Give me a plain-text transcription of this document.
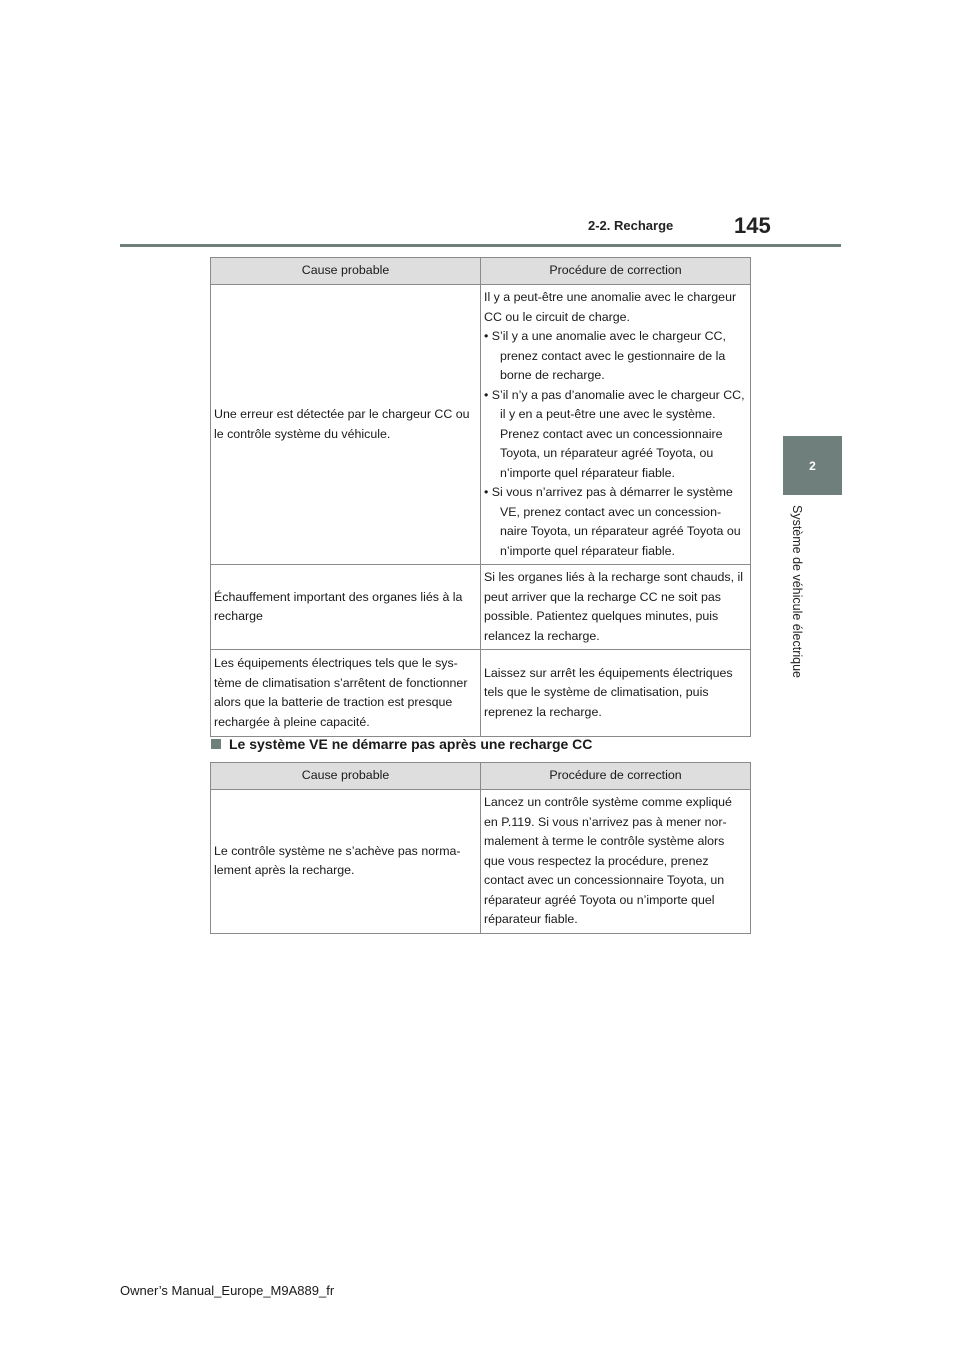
2-2. Recharge	145
2
Système de véhicule électrique
Cause probable	Procédure de correction
Une erreur est détectée par le chargeur CC ou le contrôle système du véhicule.	Il y a peut-être une anomalie avec le chargeur CC ou le circuit de charge.
• S’il y a une anomalie avec le chargeur CC, prenez contact avec le gestionnaire de la borne de recharge.
• S’il n’y a pas d’anomalie avec le chargeur CC, il y en a peut-être une avec le système. Prenez contact avec un concessionnaire Toyota, un réparateur agréé Toyota, ou n’importe quel réparateur fiable.
• Si vous n’arrivez pas à démarrer le système VE, prenez contact avec un concession-naire Toyota, un réparateur agréé Toyota ou n’importe quel réparateur fiable.

Échauffement important des organes liés à la recharge	Si les organes liés à la recharge sont chauds, il peut arriver que la recharge CC ne soit pas possible. Patientez quelques minutes, puis relancez la recharge.
Les équipements électriques tels que le sys-tème de climatisation s’arrêtent de fonctionner alors que la batterie de traction est presque rechargée à pleine capacité.	Laissez sur arrêt les équipements électriques tels que le système de climatisation, puis reprenez la recharge.
Le système VE ne démarre pas après une recharge CC
Cause probable	Procédure de correction
Le contrôle système ne s’achève pas norma-lement après la recharge.	Lancez un contrôle système comme expliqué en P.119. Si vous n’arrivez pas à mener nor-malement à terme le contrôle système alors que vous respectez la procédure, prenez contact avec un concessionnaire Toyota, un réparateur agréé Toyota ou n’importe quel réparateur fiable.
Owner’s Manual_Europe_M9A889_fr
